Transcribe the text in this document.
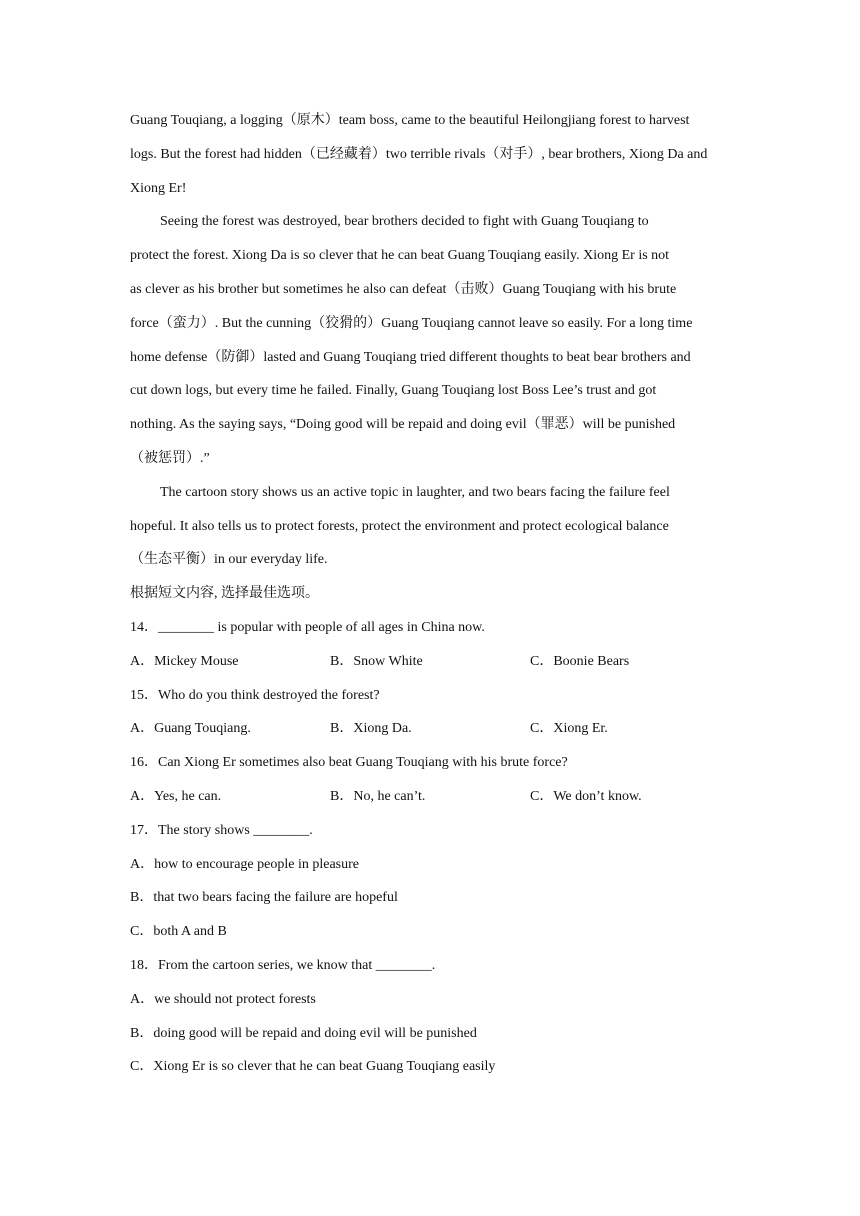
Guang Touqiang, a logging（原木）team boss, came to the beautiful Heilongjiang forest to harvest
logs. But the forest had hidden（已经藏着）two terrible rivals（对手）, bear brothers, Xiong Da and
Xiong Er!
Seeing the forest was destroyed, bear brothers decided to fight with Guang Touqiang to
protect the forest. Xiong Da is so clever that he can beat Guang Touqiang easily. Xiong Er is not
as clever as his brother but sometimes he also can defeat（击败）Guang Touqiang with his brute
force（蛮力）. But the cunning（狡猾的）Guang Touqiang cannot leave so easily. For a long time
home defense（防御）lasted and Guang Touqiang tried different thoughts to beat bear brothers and
cut down logs, but every time he failed. Finally, Guang Touqiang lost Boss Lee’s trust and got
nothing. As the saying says, “Doing good will be repaid and doing evil（罪恶）will be punished
（被惩罚）.”
The cartoon story shows us an active topic in laughter, and two bears facing the failure feel
hopeful. It also tells us to protect forests, protect the environment and protect ecological balance
（生态平衡）in our everyday life.
根据短文内容, 选择最佳选项。
14．________ is popular with people of all ages in China now.
A．Mickey Mouse	B．Snow White	C．Boonie Bears
15．Who do you think destroyed the forest?
A．Guang Touqiang.	B．Xiong Da.	C．Xiong Er.
16．Can Xiong Er sometimes also beat Guang Touqiang with his brute force?
A．Yes, he can.	B．No, he can’t.	C．We don’t know.
17．The story shows ________.
A．how to encourage people in pleasure
B．that two bears facing the failure are hopeful
C．both A and B
18．From the cartoon series, we know that ________.
A．we should not protect forests
B．doing good will be repaid and doing evil will be punished
C．Xiong Er is so clever that he can beat Guang Touqiang easily
